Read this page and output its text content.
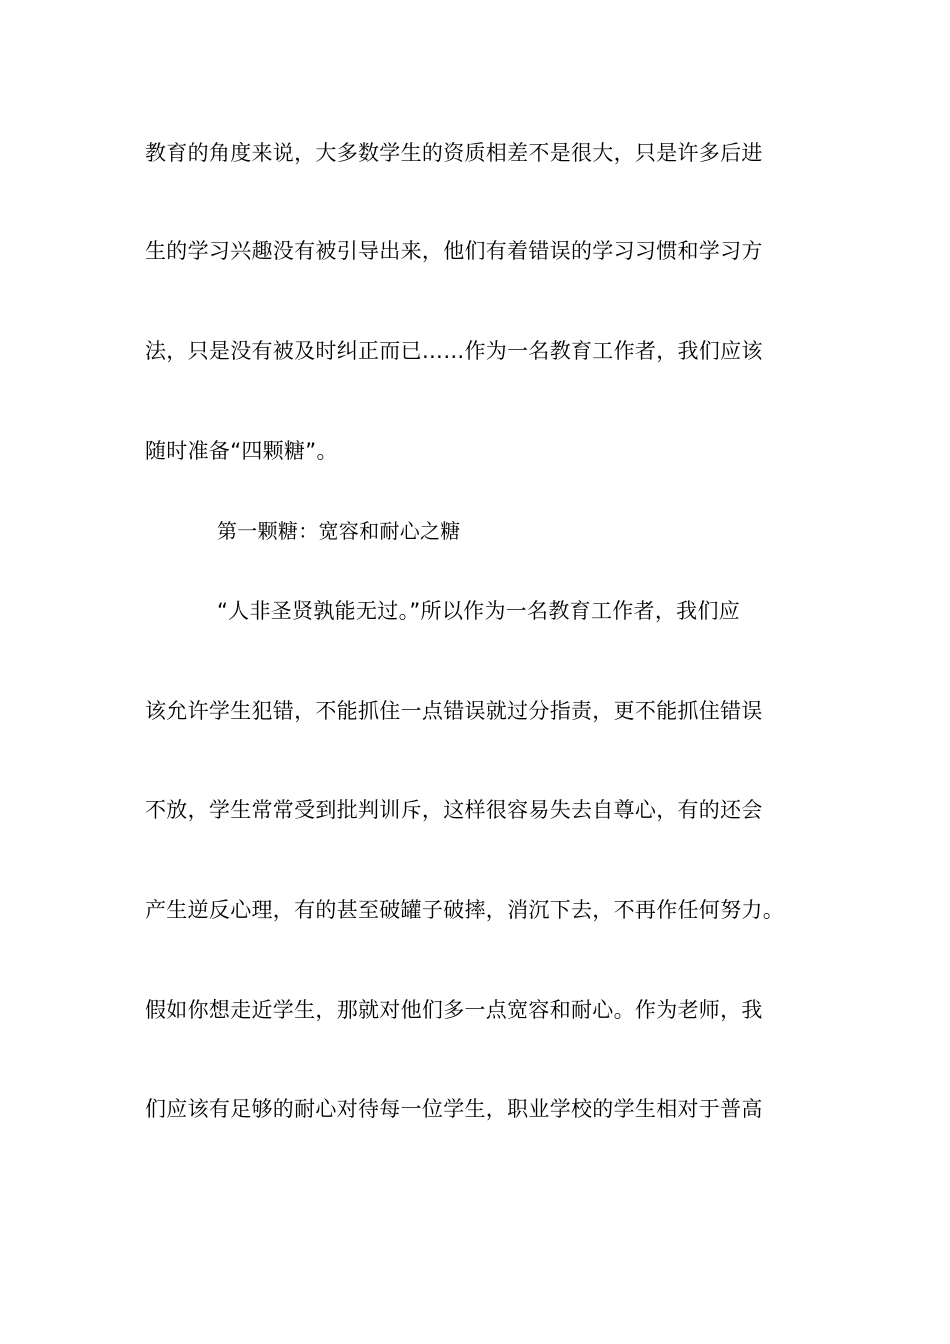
教育的角度来说，大多数学生的资质相差不是很大，只是许多后进
生的学习兴趣没有被引导出来，他们有着错误的学习习惯和学习方
法，只是没有被及时纠正而已……作为一名教育工作者，我们应该
随时准备“四颗糖”。
第一颗糖：宽容和耐心之糖
“人非圣贤孰能无过。”所以作为一名教育工作者，我们应
该允许学生犯错，不能抓住一点错误就过分指责，更不能抓住错误
不放，学生常常受到批判训斥，这样很容易失去自尊心，有的还会
产生逆反心理，有的甚至破罐子破摔，消沉下去，不再作任何努力。
假如你想走近学生，那就对他们多一点宽容和耐心。作为老师，我
们应该有足够的耐心对待每一位学生，职业学校的学生相对于普高
